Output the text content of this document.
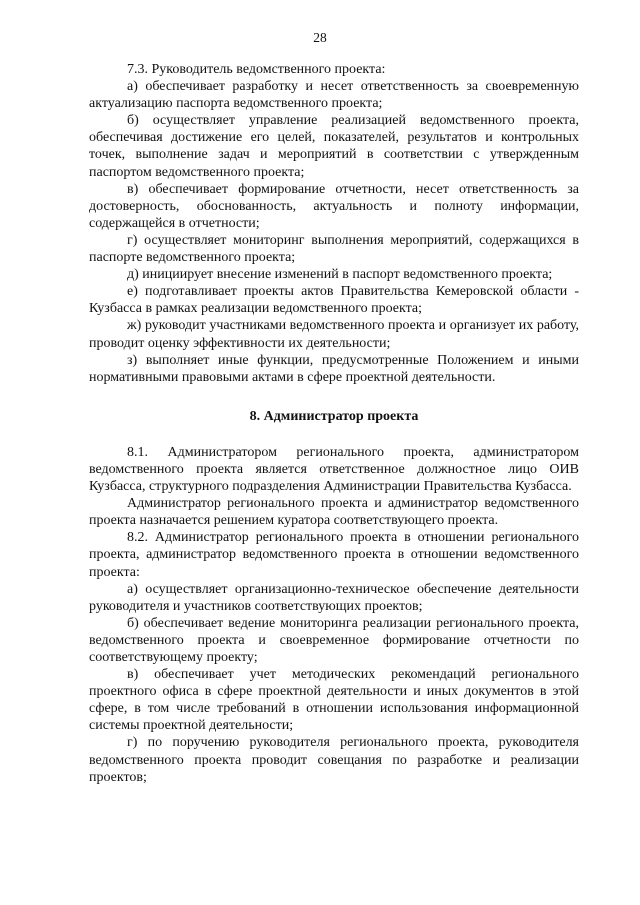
28

7.3. Руководитель ведомственного проекта:

а) обеспечивает разработку и несет ответственность за своевременную актуализацию паспорта ведомственного проекта;

б) осуществляет управление реализацией ведомственного проекта, обеспечивая достижение его целей, показателей, результатов и контрольных точек, выполнение задач и мероприятий в соответствии с утвержденным паспортом ведомственного проекта;

в) обеспечивает формирование отчетности, несет ответственность за достоверность, обоснованность, актуальность и полноту информации, содержащейся в отчетности;

г) осуществляет мониторинг выполнения мероприятий, содержащихся в паспорте ведомственного проекта;

д) инициирует внесение изменений в паспорт ведомственного проекта;

е) подготавливает проекты актов Правительства Кемеровской области - Кузбасса в рамках реализации ведомственного проекта;

ж) руководит участниками ведомственного проекта и организует их работу, проводит оценку эффективности их деятельности;

з) выполняет иные функции, предусмотренные Положением и иными нормативными правовыми актами в сфере проектной деятельности.

8. Администратор проекта

8.1. Администратором регионального проекта, администратором ведомственного проекта является ответственное должностное лицо ОИВ Кузбасса, структурного подразделения Администрации Правительства Кузбасса.

Администратор регионального проекта и администратор ведомственного проекта назначается решением куратора соответствующего проекта.

8.2. Администратор регионального проекта в отношении регионального проекта, администратор ведомственного проекта в отношении ведомственного проекта:

а) осуществляет организационно-техническое обеспечение деятельности руководителя и участников соответствующих проектов;

б) обеспечивает ведение мониторинга реализации регионального проекта, ведомственного проекта и своевременное формирование отчетности по соответствующему проекту;

в) обеспечивает учет методических рекомендаций регионального проектного офиса в сфере проектной деятельности и иных документов в этой сфере, в том числе требований в отношении использования информационной системы проектной деятельности;

г) по поручению руководителя регионального проекта, руководителя ведомственного проекта проводит совещания по разработке и реализации проектов;
